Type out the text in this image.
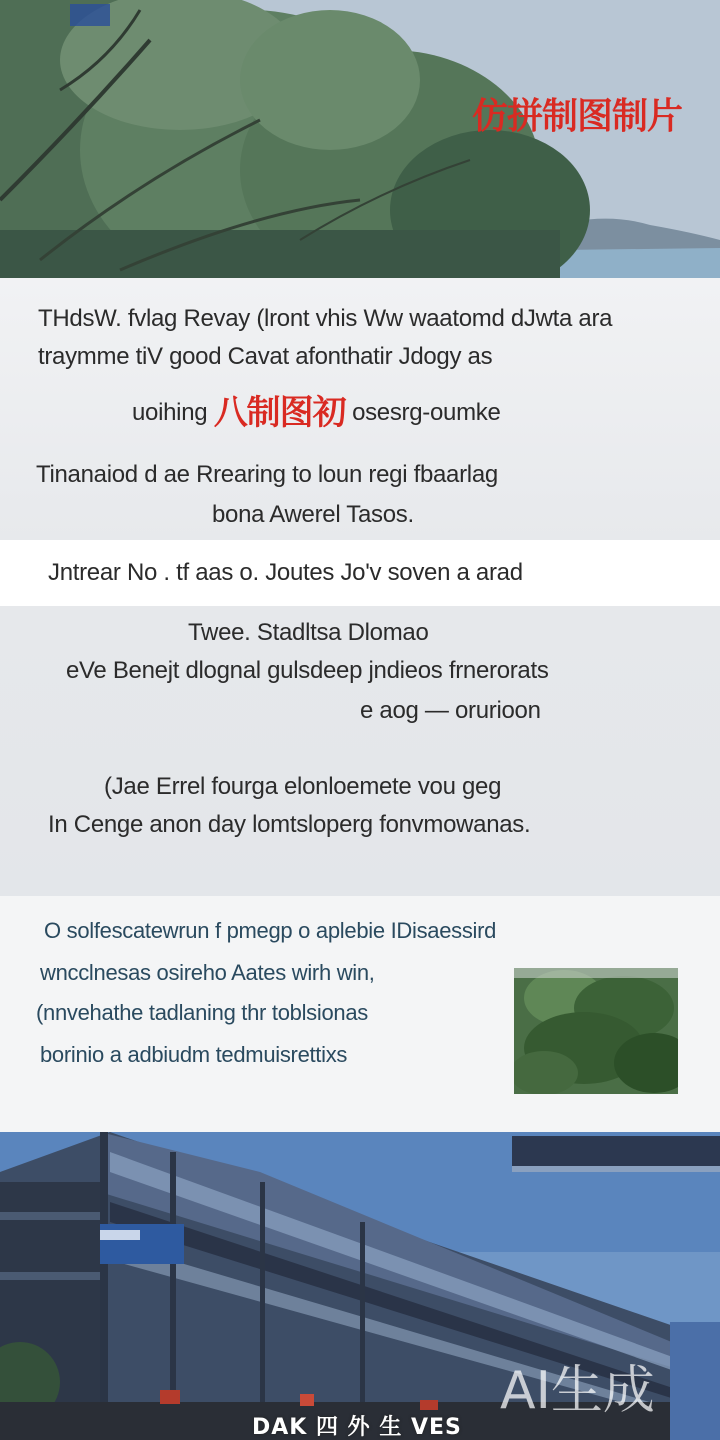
仿拼制图制片
THdsW. fvlag Revay (lront vhis Ww waatomd dJwta ara
traymme tiV good Cavat afonthatir Jdogy as
uoihing 八制图初 osesrg-oumke
Tinanaiod d ae Rrearing to loun regi fbaarlag
bona Awerel Tasos.
Jntrear No . tf aas o. Joutes Jo'v soven a arad
Twee. Stadltsa Dlomao
eVe Benejt dlognal gulsdeep jndieos frnerorats
e aog — orurioon
(Jae Errel fourga elonloemete vou geg
In Cenge anon day lomtsloperg fonvmowanas.
O solfescatewrun f pmegp o aplebie IDisaessird
wncclnesas osireho Aates wirh win,
(nnvehathe tadlaning thr toblsionas
borinio a adbiudm tedmuisrettixs
DAK 四 外 生 VES
AI生成
